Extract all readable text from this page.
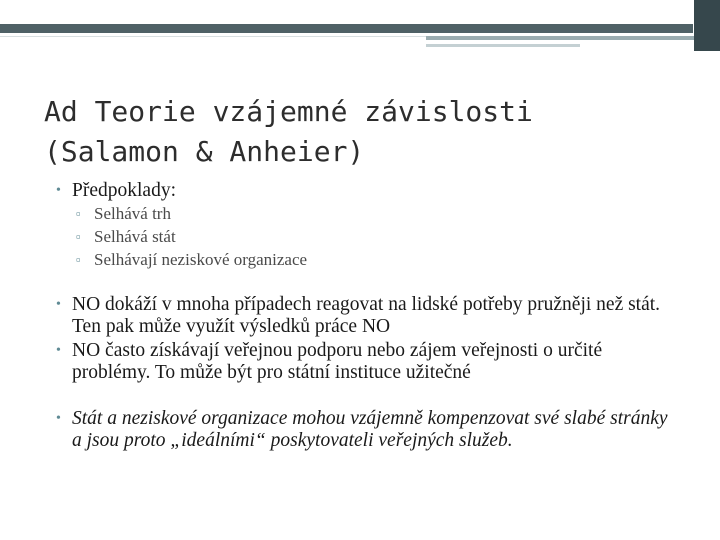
Ad Teorie vzájemné závislosti
(Salamon & Anheier)
• Předpoklady:
▫ Selhává trh
▫ Selhává stát
▫ Selhávají neziskové organizace
• NO dokáží v mnoha případech reagovat na lidské potřeby pružněji než stát. Ten pak může využít výsledků práce NO
• NO často získávají veřejnou podporu nebo zájem veřejnosti o určité problémy. To může být pro státní instituce užitečné
• Stát a neziskové organizace mohou vzájemně kompenzovat své slabé stránky a jsou proto „ideálními“ poskytovateli veřejných služeb.
